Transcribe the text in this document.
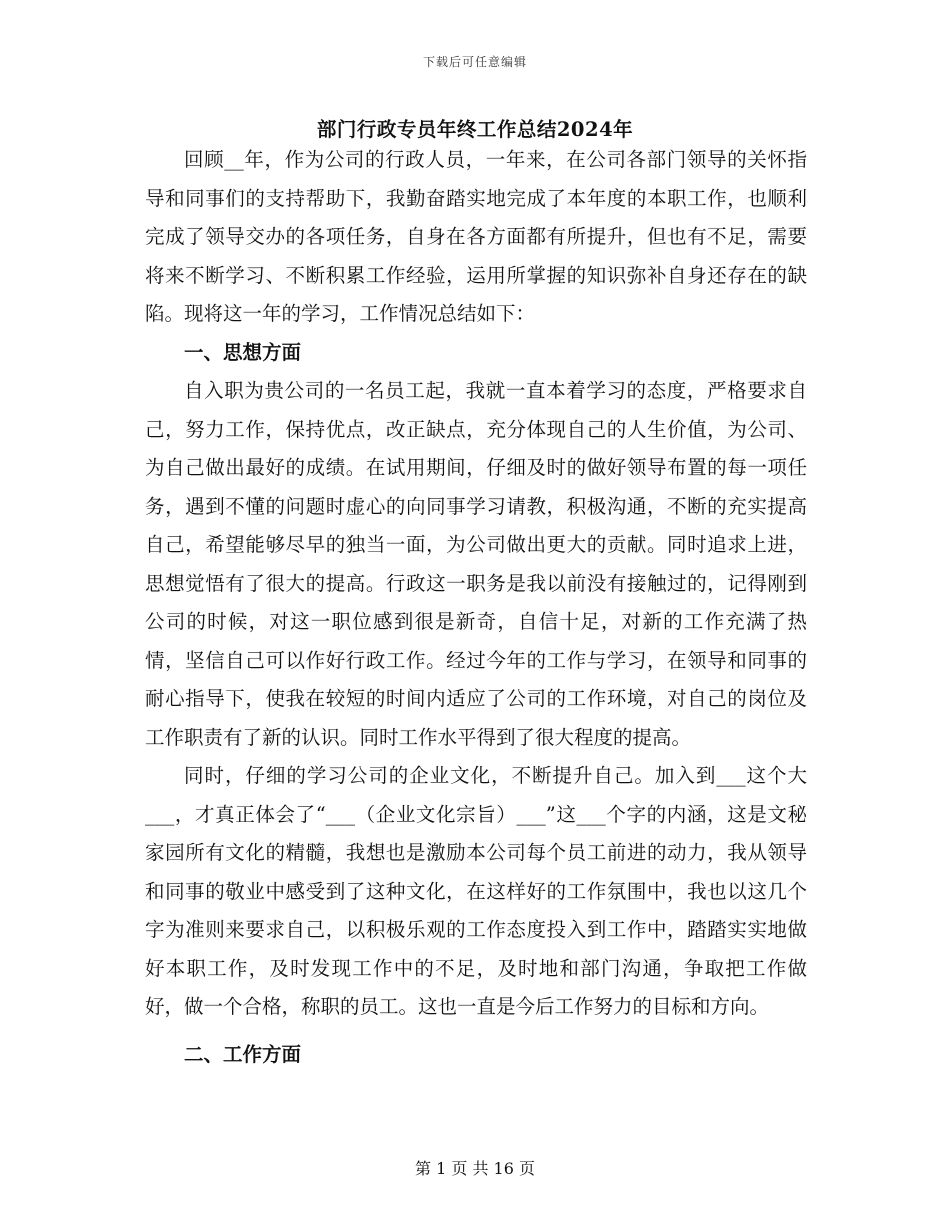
下载后可任意编辑
部门行政专员年终工作总结2024年

回顾__年，作为公司的行政人员，一年来，在公司各部门领导的关怀指导和同事们的支持帮助下，我勤奋踏实地完成了本年度的本职工作，也顺利完成了领导交办的各项任务，自身在各方面都有所提升，但也有不足，需要将来不断学习、不断积累工作经验，运用所掌握的知识弥补自身还存在的缺陷。现将这一年的学习，工作情况总结如下：

一、思想方面

自入职为贵公司的一名员工起，我就一直本着学习的态度，严格要求自己，努力工作，保持优点，改正缺点，充分体现自己的人生价值，为公司、为自己做出最好的成绩。在试用期间，仔细及时的做好领导布置的每一项任务，遇到不懂的问题时虚心的向同事学习请教，积极沟通，不断的充实提高自己，希望能够尽早的独当一面，为公司做出更大的贡献。同时追求上进，思想觉悟有了很大的提高。行政这一职务是我以前没有接触过的，记得刚到公司的时候，对这一职位感到很是新奇，自信十足，对新的工作充满了热情，坚信自己可以作好行政工作。经过今年的工作与学习，在领导和同事的耐心指导下，使我在较短的时间内适应了公司的工作环境，对自己的岗位及工作职责有了新的认识。同时工作水平得到了很大程度的提高。

同时，仔细的学习公司的企业文化，不断提升自己。加入到___这个大___，才真正体会了“___（企业文化宗旨）___”这___个字的内涵，这是文秘家园所有文化的精髓，我想也是激励本公司每个员工前进的动力，我从领导和同事的敬业中感受到了这种文化，在这样好的工作氛围中，我也以这几个字为准则来要求自己，以积极乐观的工作态度投入到工作中，踏踏实实地做好本职工作，及时发现工作中的不足，及时地和部门沟通，争取把工作做好，做一个合格，称职的员工。这也一直是今后工作努力的目标和方向。

二、工作方面
第 1 页 共 16 页
